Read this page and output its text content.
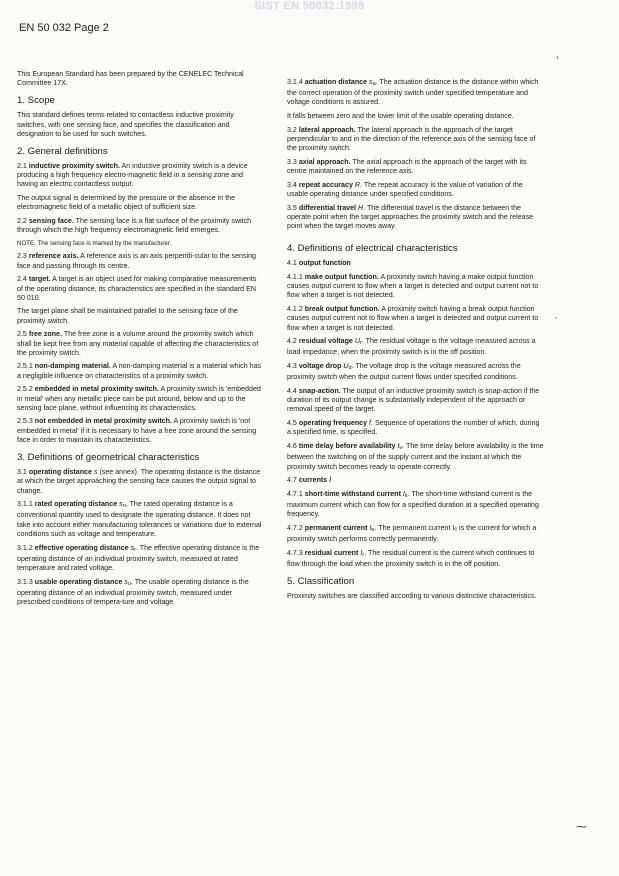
SIST EN 50032:1998
EN 50 032 Page 2

This European Standard has been prepared by the CENELEC Technical Committee 17X.

1. Scope

This standard defines terms related to contactless inductive proximity switches, with one sensing face, and specifies the classification and designation to be used for such switches.

2. General definitions

2.1 inductive proximity switch. An inductive proximity switch is a device producing a high frequency electro-magnetic field in a sensing zone and having an electric contactless output.

The output signal is determined by the pressure or the absence in the electromagnetic field of a metallic object of sufficient size.

2.2 sensing face. The sensing face is a flat surface of the proximity switch through which the high frequency electromagnetic field emerges.

NOTE. The sensing face is marked by the manufacturer.

2.3 reference axis. A reference axis is an axis perpendi-cular to the sensing face and passing through its centre.

2.4 target. A target is an object used for making comparative measurements of the operating distance, its characteristics are specified in the standard EN 50 010.

The target plane shall be maintained parallel to the sensing face of the proximity switch.

2.5 free zone. The free zone is a volume around the proximity switch which shall be kept free from any material capable of affecting the characteristics of the proximity switch.

2.5.1 non-damping material. A non-damping material is a material which has a negligible influence on characteristics of a proximity switch.

2.5.2 embedded in metal proximity switch. A proximity switch is 'embedded in metal' when any metallic piece can be put around, below and up to the sensing face plane, without influencing its characteristics.

2.5.3 not embedded in metal proximity switch. A proximity switch is 'not embedded in metal' if it is necessary to have a free zone around the sensing face in order to maintain its characteristics.

3. Definitions of geometrical characteristics

3.1 operating distance s (see annex). The operating distance is the distance at which the target approaching the sensing face causes the output signal to change.

3.1.1 rated operating distance sn. The rated operating distance is a conventional quantity used to designate the operating distance. It does not take into account either manufacturing tolerances or variations due to external conditions such as voltage and temperature.

3.1.2 effective operating distance sr. The effective operating distance is the operating distance of an individual proximity switch, measured at rated temperature and rated voltage.

3.1.3 usable operating distance su. The usable operating distance is the operating distance of an individual proximity switch, measured under prescribed conditions of tempera-ture and voltage.

3.1.4 actuation distance sa. The actuation distance is the distance within which the correct operation of the proximity switch under specified temperature and voltage conditions is assured.

It falls between zero and the lower limit of the usable operating distance.

3.2 lateral approach. The lateral approach is the approach of the target perpendicular to and in the direction of the reference axis of the sensing face of the proximity switch.

3.3 axial approach. The axial approach is the approach of the target with its centre maintained on the reference axis.

3.4 repeat accuracy R. The repeat accuracy is the value of variation of the usable operating distance under specified conditions.

3.5 differential travel H. The differential travel is the distance between the operate point when the target approaches the proximity switch and the release point when the target moves away.

4. Definitions of electrical characteristics

4.1 output function

4.1.1 make output function. A proximity switch having a make output function causes output current to flow when a target is detected and output current not to flow when a target is not detected.

4.1.2 break output function. A proximity switch having a break output function causes output current not to flow when a target is detected and output current to flow when a target is not detected.

4.2 residual voltage Ur. The residual voltage is the voltage measured across a load impedance, when the proximity switch is in the off position.

4.3 voltage drop Ud. The voltage drop is the voltage measured across the proximity switch when the output current flows under specified conditions.

4.4 snap-action. The output of an inductive proximity switch is snap-action if the duration of its output change is substantially independent of the approach or removal speed of the target.

4.5 operating frequency f. Sequence of operations the number of which, during a specified time, is specified.

4.6 time delay before availability tv. The time delay before availability is the time between the switching on of the supply current and the instant at which the proximity switch becomes ready to operate correctly.

4.7 currents /

4.7.1 short-time withstand current Ik. The short-time withstand current is the maximum current which can flow for a specified duration at a specified operating frequency.

4.7.2 permanent current Ie. The permanent current Iₑ is the current for which a proximity switch performs correctly permanently.

4.7.3 residual current Ir. The residual current is the current which continues to flow through the load when the proximity switch is in the off position.

5. Classification

Proximity switches are classified according to various distinctive characteristics.

’
·
⁓
